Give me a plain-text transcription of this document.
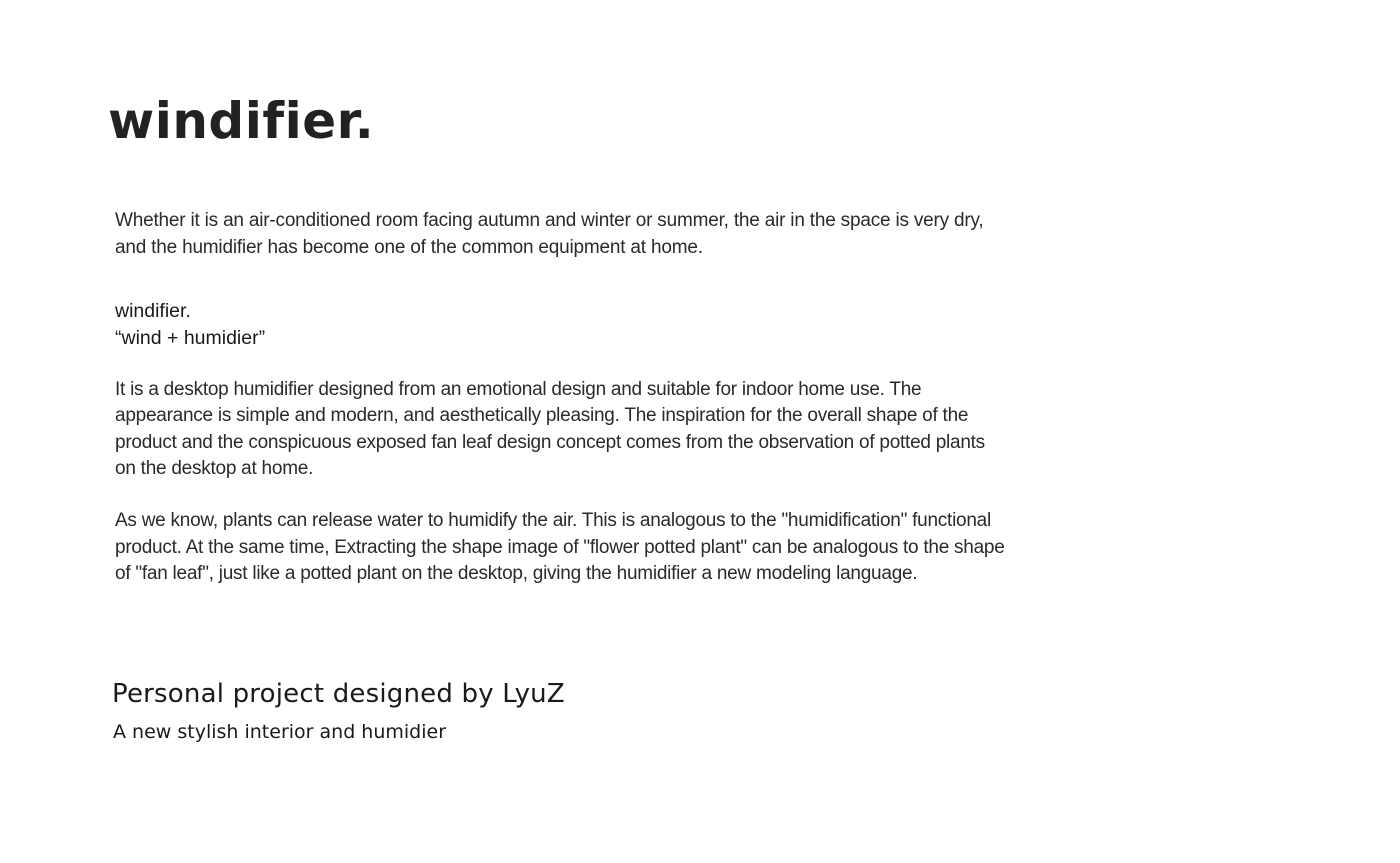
windifier.

Whether it is an air-conditioned room facing autumn and winter or summer, the air in the space is very dry, and the humidifier has become one of the common equipment at home.

windifier.
“wind + humidier”

It is a desktop humidifier designed from an emotional design and suitable for indoor home use. The appearance is simple and modern, and aesthetically pleasing. The inspiration for the overall shape of the product and the conspicuous exposed fan leaf design concept comes from the observation of potted plants on the desktop at home.

As we know, plants can release water to humidify the air. This is analogous to the "humidification" functional product. At the same time, Extracting the shape image of "flower potted plant" can be analogous to the shape of "fan leaf", just like a potted plant on the desktop, giving the humidifier a new modeling language.

Personal project designed by LyuZ

A new stylish interior and humidier
